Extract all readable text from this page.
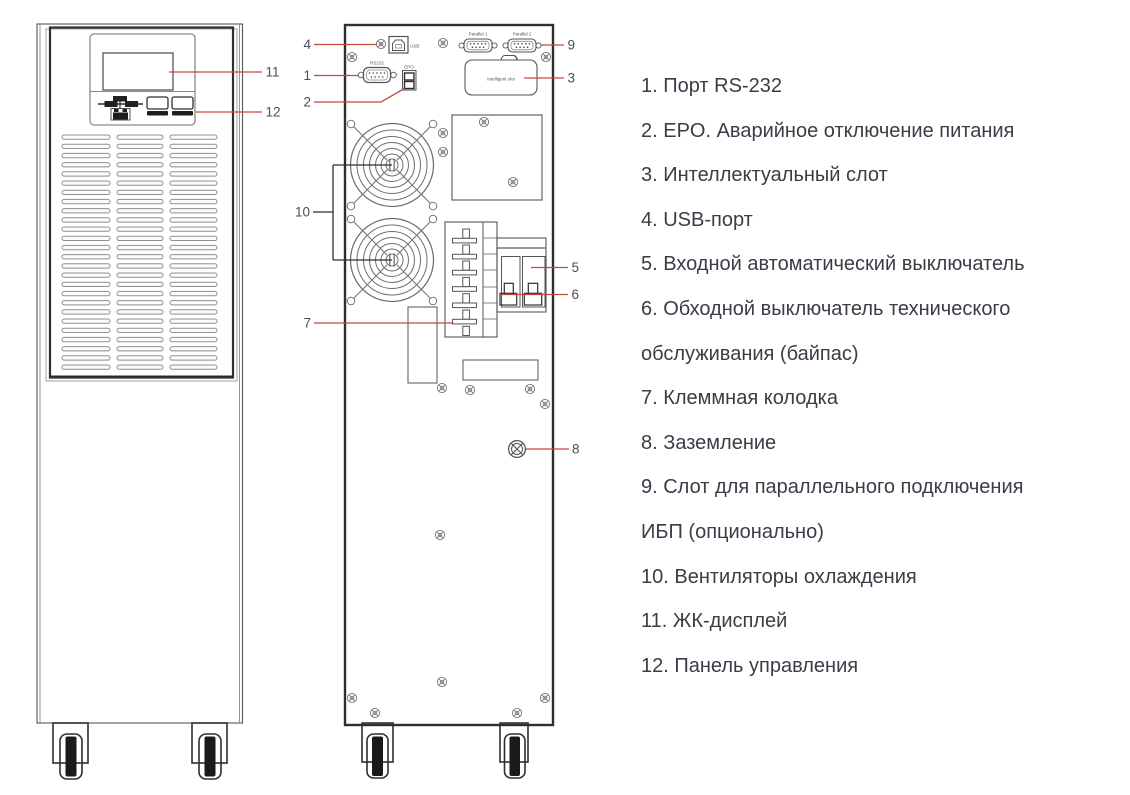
USB
RS232
EPO
Parallel 1	Parallel 2
Intelligent slot
11
12
4
1
2
10
7
9
3
5
6
8
1. Порт RS-232
2. EPO. Аварийное отключение питания
3. Интеллектуальный слот
4. USB-порт
5. Входной автоматический выключатель
6. Обходной выключатель технического
обслуживания (байпас)
7. Клеммная колодка
8. Заземление
9. Слот для параллельного подключения
ИБП (опционально)
10. Вентиляторы охлаждения
11. ЖК-дисплей
12. Панель управления
